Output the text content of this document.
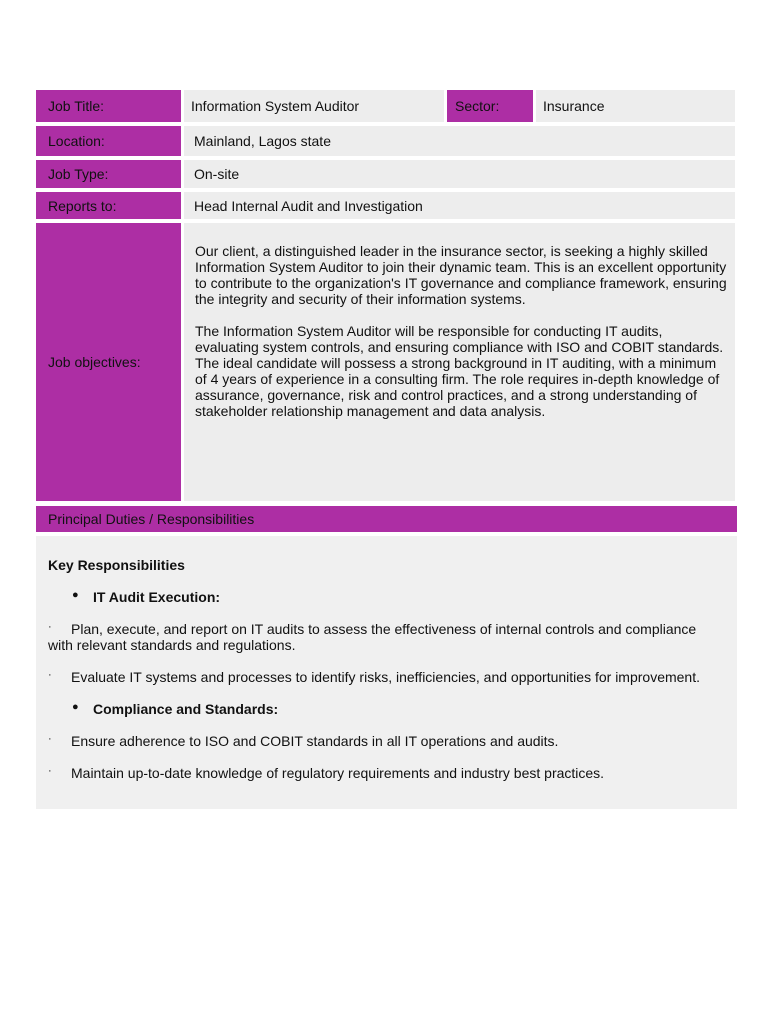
Job Title:	Information System Auditor	Sector:	Insurance
Location:	Mainland, Lagos state
Job Type:	On-site
Reports to:	Head Internal Audit and Investigation
Job objectives:

Our client, a distinguished leader in the insurance sector, is seeking a highly skilled Information System Auditor to join their dynamic team. This is an excellent opportunity to contribute to the organization's IT governance and compliance framework, ensuring the integrity and security of their information systems.

The Information System Auditor will be responsible for conducting IT audits, evaluating system controls, and ensuring compliance with ISO and COBIT standards. The ideal candidate will possess a strong background in IT auditing, with a minimum of 4 years of experience in a consulting firm. The role requires in-depth knowledge of assurance, governance, risk and control practices, and a strong understanding of stakeholder relationship management and data analysis.

Principal Duties / Responsibilities
Key Responsibilities
● IT Audit Execution:
·	Plan, execute, and report on IT audits to assess the effectiveness of internal controls and compliance with relevant standards and regulations.
· Evaluate IT systems and processes to identify risks, inefficiencies, and opportunities for improvement.
● Compliance and Standards:
· Ensure adherence to ISO and COBIT standards in all IT operations and audits.
· Maintain up-to-date knowledge of regulatory requirements and industry best practices.
